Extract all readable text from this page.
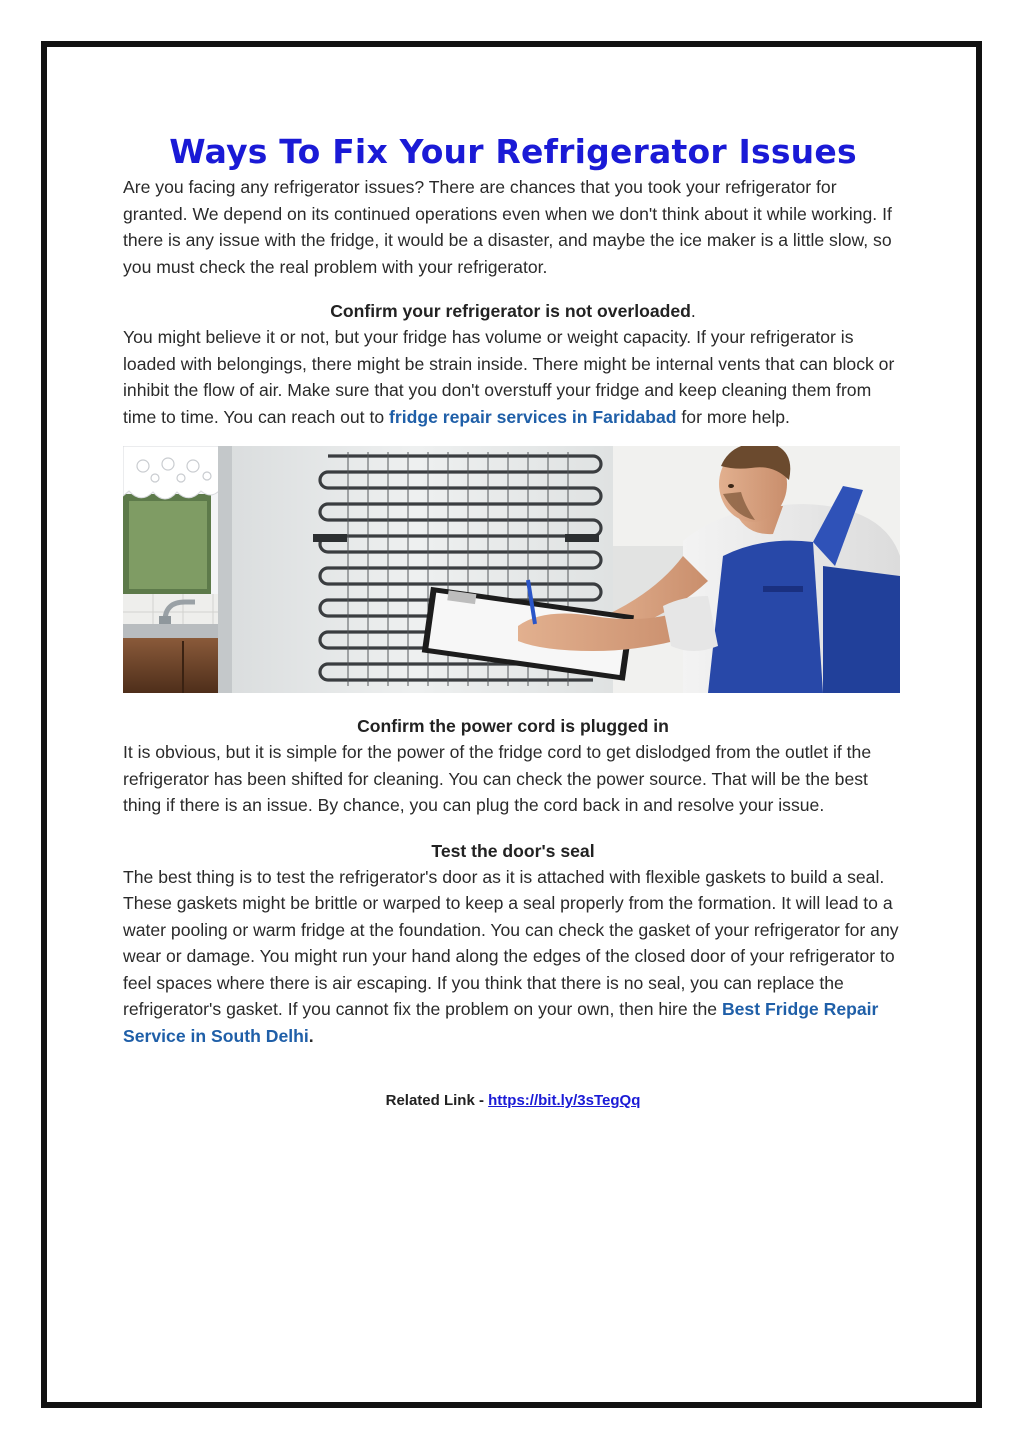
Ways To Fix Your Refrigerator Issues

Are you facing any refrigerator issues? There are chances that you took your refrigerator for granted. We depend on its continued operations even when we don't think about it while working. If there is any issue with the fridge, it would be a disaster, and maybe the ice maker is a little slow, so you must check the real problem with your refrigerator.

Confirm your refrigerator is not overloaded.

You might believe it or not, but your fridge has volume or weight capacity. If your refrigerator is loaded with belongings, there might be strain inside. There might be internal vents that can block or inhibit the flow of air. Make sure that you don't overstuff your fridge and keep cleaning them from time to time. You can reach out to fridge repair services in Faridabad for more help.

Confirm the power cord is plugged in

It is obvious, but it is simple for the power of the fridge cord to get dislodged from the outlet if the refrigerator has been shifted for cleaning. You can check the power source. That will be the best thing if there is an issue. By chance, you can plug the cord back in and resolve your issue.

Test the door's seal

The best thing is to test the refrigerator's door as it is attached with flexible gaskets to build a seal. These gaskets might be brittle or warped to keep a seal properly from the formation. It will lead to a water pooling or warm fridge at the foundation. You can check the gasket of your refrigerator for any wear or damage. You might run your hand along the edges of the closed door of your refrigerator to feel spaces where there is air escaping. If you think that there is no seal, you can replace the refrigerator's gasket. If you cannot fix the problem on your own, then hire the Best Fridge Repair Service in South Delhi.

Related Link - https://bit.ly/3sTegQq
